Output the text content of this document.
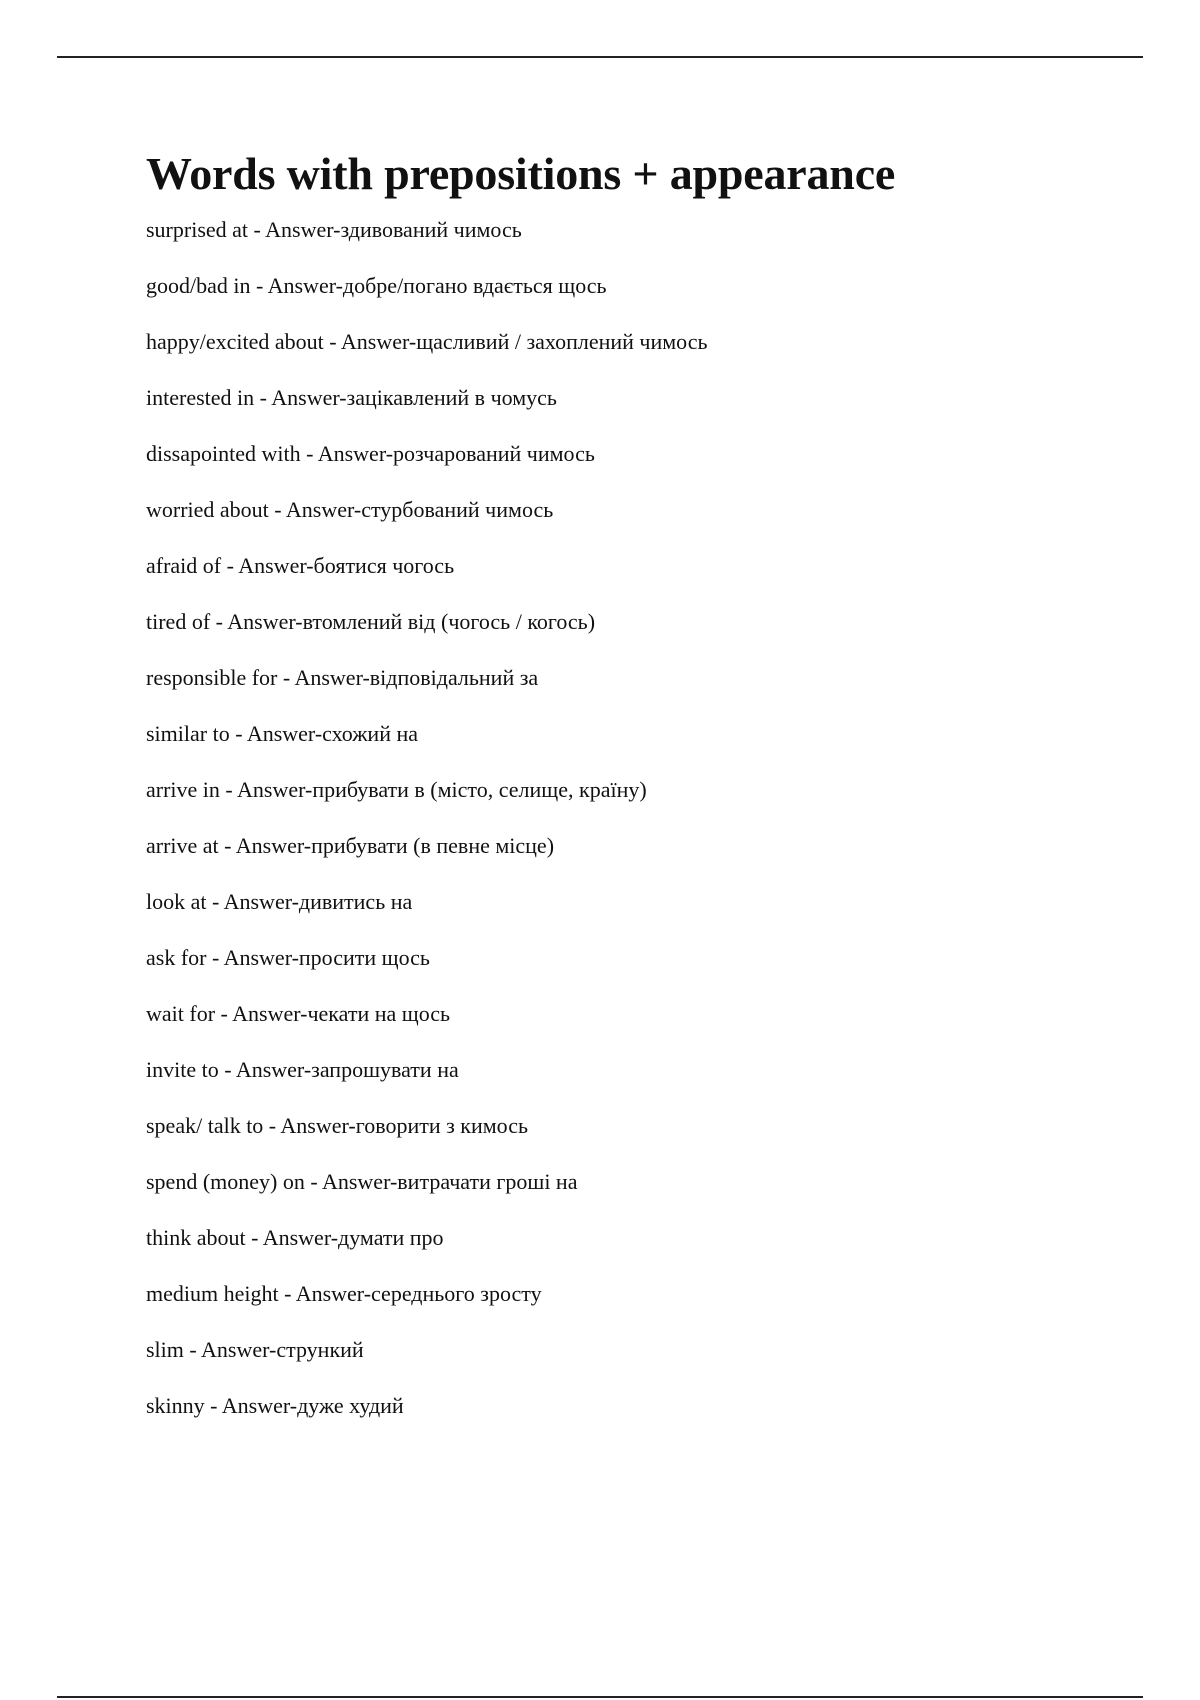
Words with prepositions + appearance
surprised at - Answer-здивований чимось
good/bad in - Answer-добре/погано вдається щось
happy/excited about - Answer-щасливий / захоплений чимось
interested in - Answer-зацікавлений в чомусь
dissapointed with - Answer-розчарований чимось
worried about - Answer-стурбований чимось
afraid of - Answer-боятися чогось
tired of - Answer-втомлений від (чогось / когось)
responsible for - Answer-відповідальний за
similar to - Answer-схожий на
arrive in - Answer-прибувати в (місто, селище, країну)
arrive at - Answer-прибувати (в певне місце)
look at - Answer-дивитись на
ask for - Answer-просити щось
wait for - Answer-чекати на щось
invite to - Answer-запрошувати на
speak/ talk to - Answer-говорити з кимось
spend (money) on - Answer-витрачати гроші на
think about - Answer-думати про
medium height - Answer-середнього зросту
slim - Answer-стрункий
skinny - Answer-дуже худий
